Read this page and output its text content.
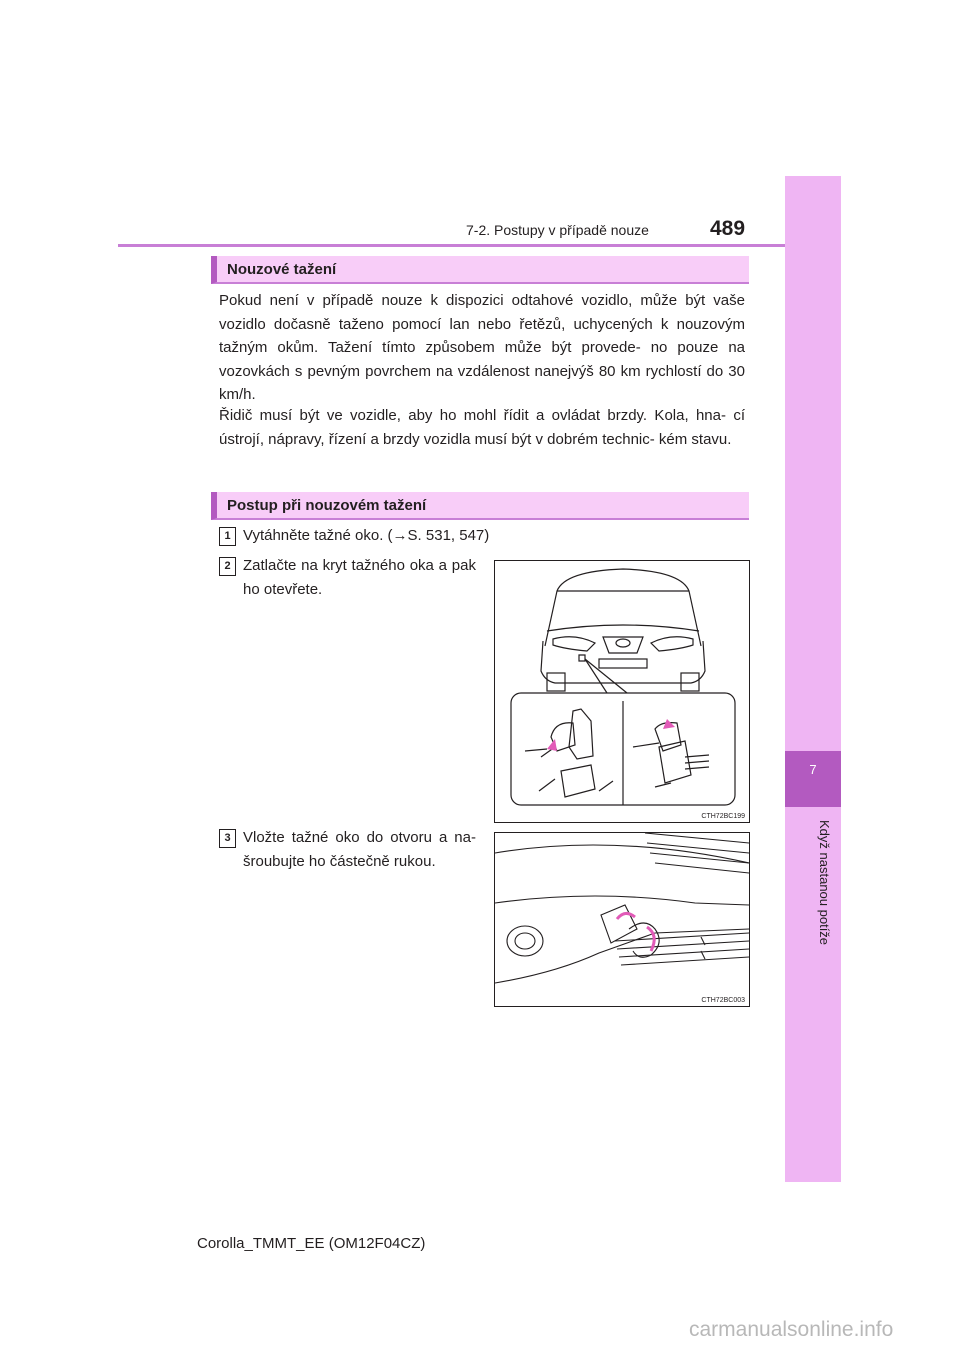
7
Když nastanou potíže
7-2. Postupy v případě nouze	489
Nouzové tažení
Pokud není v případě nouze k dispozici odtahové vozidlo, může být vaše vozidlo dočasně taženo pomocí lan nebo řetězů, uchycených k nouzovým tažným okům. Tažení tímto způsobem může být provede- no pouze na vozovkách s pevným povrchem na vzdálenost nanejvýš 80 km rychlostí do 30 km/h.
Řidič musí být ve vozidle, aby ho mohl řídit a ovládat brzdy. Kola, hna- cí ústrojí, nápravy, řízení a brzdy vozidla musí být v dobrém technic- kém stavu.
Postup při nouzovém tažení
1 Vytáhněte tažné oko. (→S. 531, 547)
2 Zatlačte na kryt tažného oka a pak ho otevřete.
CTH72BC199
3 Vložte tažné oko do otvoru a na- šroubujte ho částečně rukou.
CTH72BC003
Corolla_TMMT_EE (OM12F04CZ)
carmanualsonline.info
